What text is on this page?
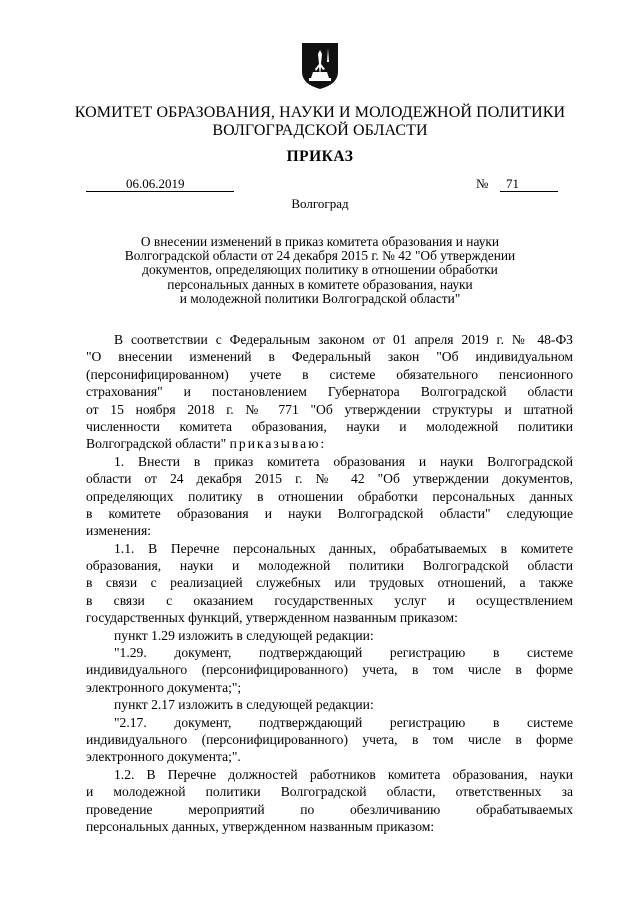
КОМИТЕТ ОБРАЗОВАНИЯ, НАУКИ И МОЛОДЕЖНОЙ ПОЛИТИКИ
ВОЛГОГРАДСКОЙ ОБЛАСТИ
ПРИКАЗ
06.06.2019	№ 71
Волгоград
О внесении изменений в приказ комитета образования и науки
Волгоградской области от 24 декабря 2015 г. № 42 "Об утверждении
документов, определяющих политику в отношении обработки
персональных данных в комитете образования, науки
и молодежной политики Волгоградской области"
В соответствии с Федеральным законом от 01 апреля 2019 г. № 48-ФЗ
"О внесении изменений в Федеральный закон "Об индивидуальном
(персонифицированном) учете в системе обязательного пенсионного
страхования" и постановлением Губернатора Волгоградской области
от 15 ноября 2018 г. № 771 "Об утверждении структуры и штатной
численности комитета образования, науки и молодежной политики
Волгоградской области" приказываю:
1. Внести в приказ комитета образования и науки Волгоградской
области от 24 декабря 2015 г. № 42 "Об утверждении документов,
определяющих политику в отношении обработки персональных данных
в комитете образования и науки Волгоградской области" следующие
изменения:
1.1. В Перечне персональных данных, обрабатываемых в комитете
образования, науки и молодежной политики Волгоградской области
в связи с реализацией служебных или трудовых отношений, а также
в связи с оказанием государственных услуг и осуществлением
государственных функций, утвержденном названным приказом:
пункт 1.29 изложить в следующей редакции:
"1.29. документ, подтверждающий регистрацию в системе
индивидуального (персонифицированного) учета, в том числе в форме
электронного документа;";
пункт 2.17 изложить в следующей редакции:
"2.17. документ, подтверждающий регистрацию в системе
индивидуального (персонифицированного) учета, в том числе в форме
электронного документа;".
1.2. В Перечне должностей работников комитета образования, науки
и молодежной политики Волгоградской области, ответственных за
проведение мероприятий по обезличиванию обрабатываемых
персональных данных, утвержденном названным приказом:
